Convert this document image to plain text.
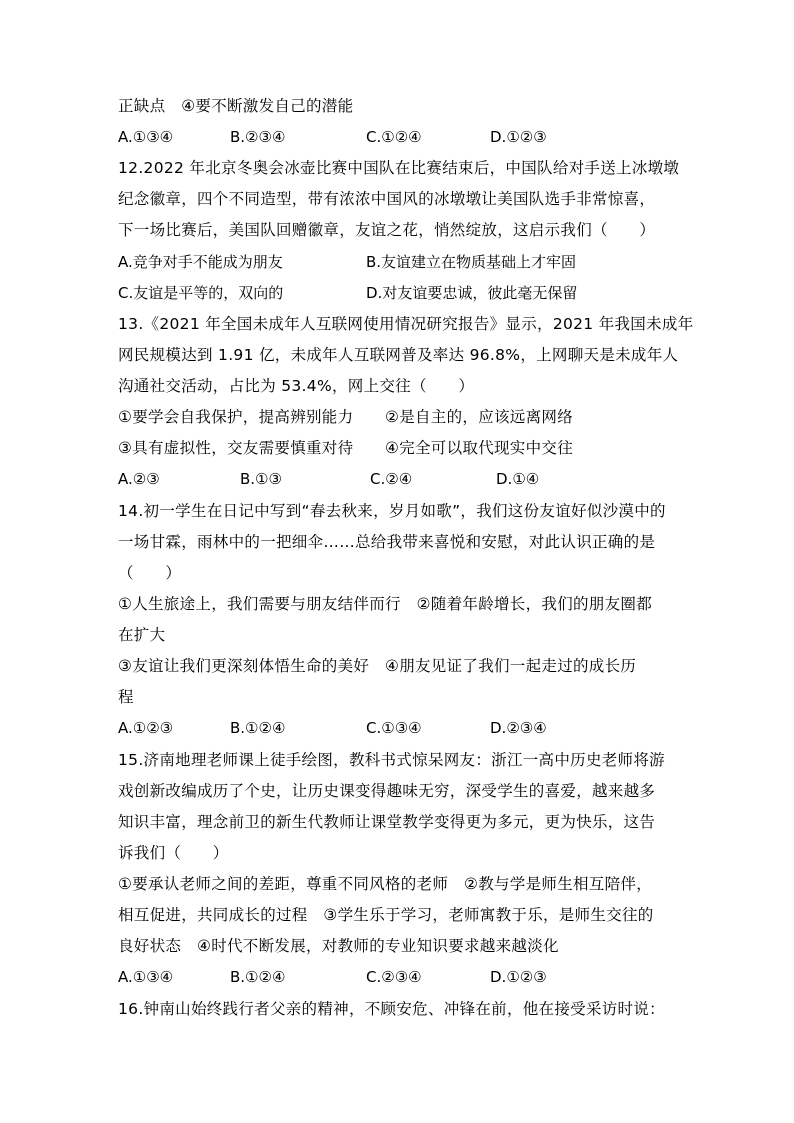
正缺点　④要不断激发自己的潜能
A.①③④	B.②③④	C.①②④	D.①②③
12.2022 年北京冬奥会冰壶比赛中国队在比赛结束后，中国队给对手送上冰墩墩
纪念徽章，四个不同造型，带有浓浓中国风的冰墩墩让美国队选手非常惊喜，
下一场比赛后，美国队回赠徽章，友谊之花，悄然绽放，这启示我们（　　）
A.竞争对手不能成为朋友	B.友谊建立在物质基础上才牢固
C.友谊是平等的，双向的	D.对友谊要忠诚，彼此毫无保留
13.《2021 年全国未成年人互联网使用情况研究报告》显示，2021 年我国未成年
网民规模达到 1.91 亿，未成年人互联网普及率达 96.8%，上网聊天是未成年人
沟通社交活动，占比为 53.4%，网上交往（　　）
①要学会自我保护，提高辨别能力　　②是自主的，应该远离网络
③具有虚拟性，交友需要慎重对待　　④完全可以取代现实中交往
A.②③	B.①③	C.②④	D.①④
14.初一学生在日记中写到“春去秋来，岁月如歌”，我们这份友谊好似沙漠中的
一场甘霖，雨林中的一把细伞……总给我带来喜悦和安慰，对此认识正确的是
（　　）
①人生旅途上，我们需要与朋友结伴而行　②随着年龄增长，我们的朋友圈都
在扩大
③友谊让我们更深刻体悟生命的美好　④朋友见证了我们一起走过的成长历
程
A.①②③	B.①②④	C.①③④	D.②③④
15.济南地理老师课上徒手绘图，教科书式惊呆网友：浙江一高中历史老师将游
戏创新改编成历了个史，让历史课变得趣味无穷，深受学生的喜爱，越来越多
知识丰富，理念前卫的新生代教师让课堂教学变得更为多元，更为快乐，这告
诉我们（　　）
①要承认老师之间的差距，尊重不同风格的老师　②教与学是师生相互陪伴，
相互促进，共同成长的过程　③学生乐于学习，老师寓教于乐，是师生交往的
良好状态　④时代不断发展，对教师的专业知识要求越来越淡化
A.①③④	B.①②④	C.②③④	D.①②③
16.钟南山始终践行者父亲的精神，不顾安危、冲锋在前，他在接受采访时说：
